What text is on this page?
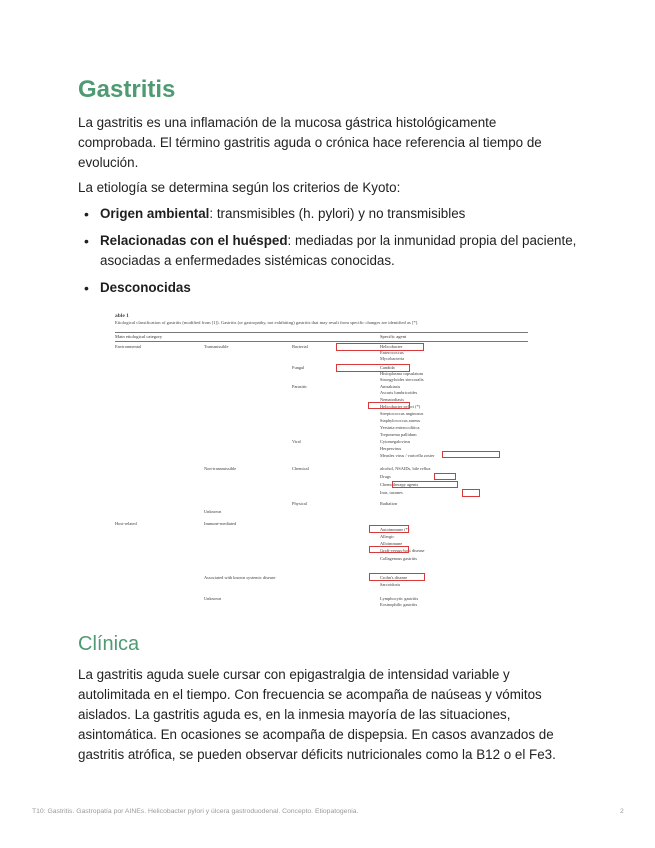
Gastritis

La gastritis es una inflamación de la mucosa gástrica histológicamente comprobada. El término gastritis aguda o crónica hace referencia al tiempo de evolución.

La etiología se determina según los criterios de Kyoto:

• Origen ambiental: transmisibles (h. pylori) y no transmisibles
• Relacionadas con el huésped: mediadas por la inmunidad propia del paciente, asociadas a enfermedades sistémicas conocidas.
• Desconocidas
able 1
Etiological classification of gastritis (modified from [1]). Gastritis (or gastropathy, not exhibiting) gastritis that may result from specific changes are identified as [*].
Main etiological category	Specific agent
Environmental
Host-related
Transmissible
Non-transmissible
Unknown
Immune-mediated
Associated with known systemic disease
Unknown
Bacterial
Fungal
Parasitic
Viral
Chemical
Physical
Helicobacter
Enterococcus
Mycobacteria
Candida
Histoplasma capsulatum
Strongyloides stercoralis
Anisakiasis
Ascaris lumbricoides
Nematodiasis
Helicobacter pylori (*)
Streptococcus anginosus
Staphylococcus aureus
Yersinia enterocolitica
Treponema pallidum
Cytomegalovirus
Herpesvirus
Measles virus / varicella zoster
alcohol, NSAIDs, bile reflux
Drugs
Chemotherapy agents
Iron, taxanes
Radiation
Autoimmune (*)
Allergic
Alloimmune
Graft-versus-host disease
Crohn's disease
Sarcoidosis
Lymphocytic gastritis
Eosinophilic gastritis
Collagenous gastritis
Clínica

La gastritis aguda suele cursar con epigastralgia de intensidad variable y autolimitada en el tiempo. Con frecuencia se acompaña de naúseas y vómitos aislados. La gastritis aguda es, en la inmesia mayoría de las situaciones, asintomática. En ocasiones se acompaña de dispepsia. En casos avanzados de gastritis atrófica, se pueden observar déficits nutricionales como la B12 o el Fe3.

T10: Gastritis. Gastropatía por AINEs. Helicobacter pylori y úlcera gastroduodenal. Concepto. Etiopatogenia.	2
